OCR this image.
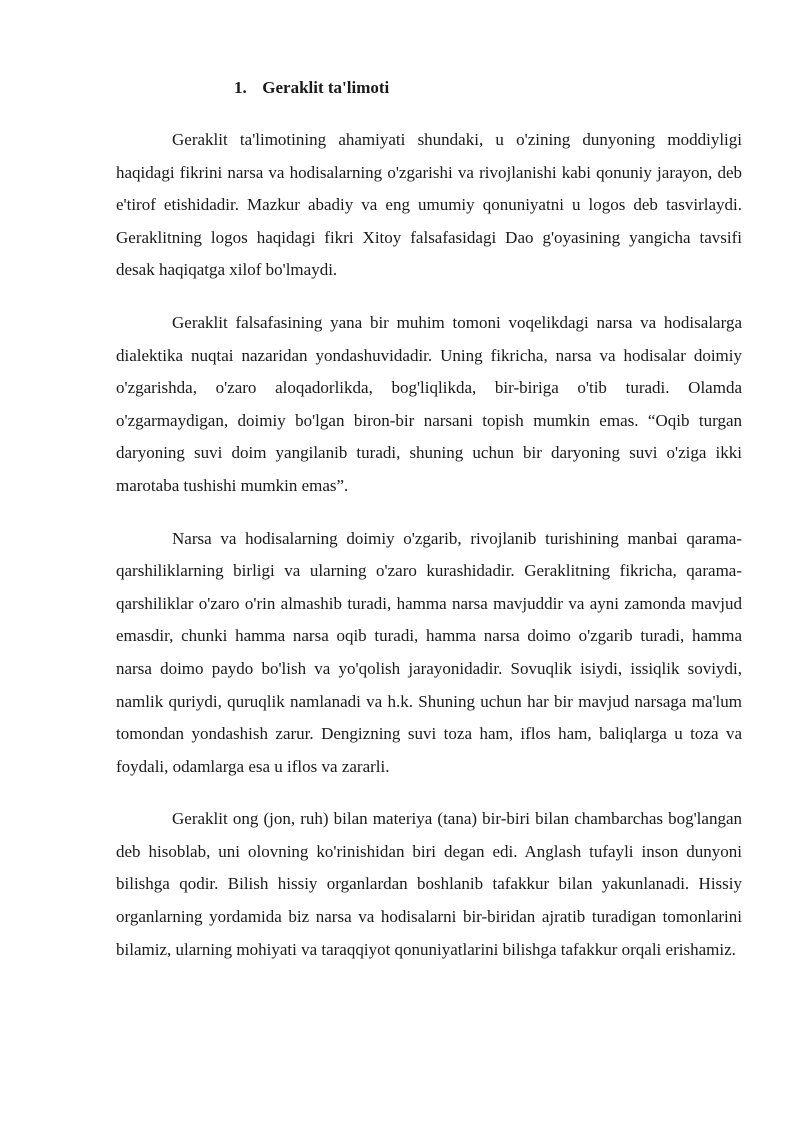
1. Geraklit ta'limoti

Geraklit ta'limotining ahamiyati shundaki, u o'zining dunyoning moddiyligi haqidagi fikrini narsa va hodisalarning o'zgarishi va rivojlanishi kabi qonuniy jarayon, deb e'tirof etishidadir. Mazkur abadiy va eng umumiy qonuniyatni u logos deb tasvirlaydi. Geraklitning logos haqidagi fikri Xitoy falsafasidagi Dao g'oyasining yangicha tavsifi desak haqiqatga xilof bo'lmaydi.

Geraklit falsafasining yana bir muhim tomoni voqelikdagi narsa va hodisalarga dialektika nuqtai nazaridan yondashuvidadir. Uning fikricha, narsa va hodisalar doimiy o'zgarishda, o'zaro aloqadorlikda, bog'liqlikda, bir-biriga o'tib turadi. Olamda o'zgarmaydigan, doimiy bo'lgan biron-bir narsani topish mumkin emas. “Oqib turgan daryoning suvi doim yangilanib turadi, shuning uchun bir daryoning suvi o'ziga ikki marotaba tushishi mumkin emas”.

Narsa va hodisalarning doimiy o'zgarib, rivojlanib turishining manbai qarama-qarshiliklarning birligi va ularning o'zaro kurashidadir. Geraklitning fikricha, qarama-qarshiliklar o'zaro o'rin almashib turadi, hamma narsa mavjuddir va ayni zamonda mavjud emasdir, chunki hamma narsa oqib turadi, hamma narsa doimo o'zgarib turadi, hamma narsa doimo paydo bo'lish va yo'qolish jarayonidadir. Sovuqlik isiydi, issiqlik soviydi, namlik quriydi, quruqlik namlanadi va h.k. Shuning uchun har bir mavjud narsaga ma'lum tomondan yondashish zarur. Dengizning suvi toza ham, iflos ham, baliqlarga u toza va foydali, odamlarga esa u iflos va zararli.

Geraklit ong (jon, ruh) bilan materiya (tana) bir-biri bilan chambarchas bog'langan deb hisoblab, uni olovning ko'rinishidan biri degan edi. Anglash tufayli inson dunyoni bilishga qodir. Bilish hissiy organlardan boshlanib tafakkur bilan yakunlanadi. Hissiy organlarning yordamida biz narsa va hodisalarni bir-biridan ajratib turadigan tomonlarini bilamiz, ularning mohiyati va taraqqiyot qonuniyatlarini bilishga tafakkur orqali erishamiz.
